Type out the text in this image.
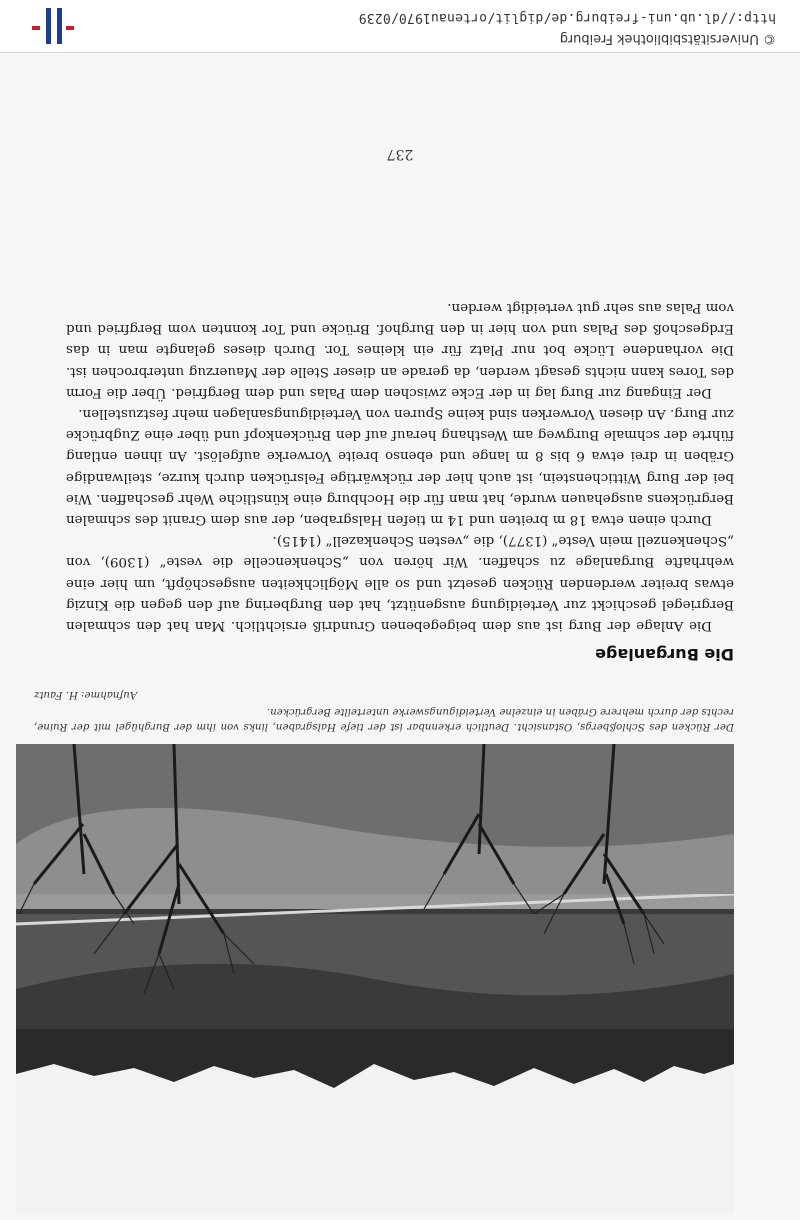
Der Rücken des Schloßbergs, Ostansicht. Deutlich erkennbar ist der tiefe Halsgraben, links von ihm der Burghügel mit der Ruine, rechts der durch mehrere Gräben in einzelne Verteidigungswerke unterteilte Bergrücken.
Aufnahme: H. Fautz
Die Burganlage

Die Anlage der Burg ist aus dem beigegebenen Grundriß ersichtlich. Man hat den schmalen Bergriegel geschickt zur Verteidigung ausgenützt, hat den Burgbering auf den gegen die Kinzig etwas breiter werdenden Rücken gesetzt und so alle Möglichkeiten ausgeschöpft, um hier eine wehrhafte Burganlage zu schaffen. Wir hören von „Schenkencelle die veste“ (1309), von „Schenkenzell mein Veste“ (1377), die „vesten Schenkazell“ (1415).

Durch einen etwa 18 m breiten und 14 m tiefen Halsgraben, der aus dem Granit des schmalen Bergrückens ausgehauen wurde, hat man für die Hochburg eine künstliche Wehr geschaffen. Wie bei der Burg Wittichenstein, ist auch hier der rückwärtige Felsrücken durch kurze, steilwandige Gräben in drei etwa 6 bis 8 m lange und ebenso breite Vorwerke aufgelöst. An ihnen entlang führte der schmale Burgweg am Westhang herauf auf den Brückenkopf und über eine Zugbrücke zur Burg. An diesen Vorwerken sind keine Spuren von Verteidigungsanlagen mehr festzustellen.

Der Eingang zur Burg lag in der Ecke zwischen dem Palas und dem Bergfried. Über die Form des Tores kann nichts gesagt werden, da gerade an dieser Stelle der Mauerzug unterbrochen ist. Die vorhandene Lücke bot nur Platz für ein kleines Tor. Durch dieses gelangte man in das Erdgeschoß des Palas und von hier in den Burghof. Brücke und Tor konnten vom Bergfried und vom Palas aus sehr gut verteidigt werden.

237
© Universitätsbibliothek Freiburg
http://dl.ub.uni-freiburg.de/diglit/ortenau1970/0239
